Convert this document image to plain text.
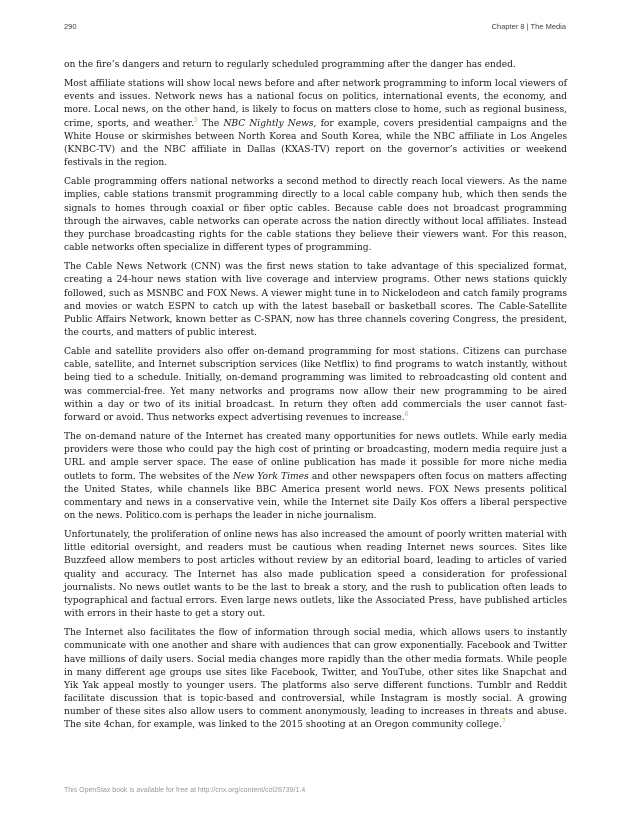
290	Chapter 8 | The Media

on the fire’s dangers and return to regularly scheduled programming after the danger has ended.

Most affiliate stations will show local news before and after network programming to inform local viewers of events and issues. Network news has a national focus on politics, international events, the economy, and more. Local news, on the other hand, is likely to focus on matters close to home, such as regional business, crime, sports, and weather.$^5$ The NBC Nightly News, for example, covers presidential campaigns and the White House or skirmishes between North Korea and South Korea, while the NBC affiliate in Los Angeles (KNBC-TV) and the NBC affiliate in Dallas (KXAS-TV) report on the governor’s activities or weekend festivals in the region.

Cable programming offers national networks a second method to directly reach local viewers. As the name implies, cable stations transmit programming directly to a local cable company hub, which then sends the signals to homes through coaxial or fiber optic cables. Because cable does not broadcast programming through the airwaves, cable networks can operate across the nation directly without local affiliates. Instead they purchase broadcasting rights for the cable stations they believe their viewers want. For this reason, cable networks often specialize in different types of programming.

The Cable News Network (CNN) was the first news station to take advantage of this specialized format, creating a 24-hour news station with live coverage and interview programs. Other news stations quickly followed, such as MSNBC and FOX News. A viewer might tune in to Nickelodeon and catch family programs and movies or watch ESPN to catch up with the latest baseball or basketball scores. The Cable-Satellite Public Affairs Network, known better as C-SPAN, now has three channels covering Congress, the president, the courts, and matters of public interest.

Cable and satellite providers also offer on-demand programming for most stations. Citizens can purchase cable, satellite, and Internet subscription services (like Netflix) to find programs to watch instantly, without being tied to a schedule. Initially, on-demand programming was limited to rebroadcasting old content and was commercial-free. Yet many networks and programs now allow their new programming to be aired within a day or two of its initial broadcast. In return they often add commercials the user cannot fast-forward or avoid. Thus networks expect advertising revenues to increase.$^6$

The on-demand nature of the Internet has created many opportunities for news outlets. While early media providers were those who could pay the high cost of printing or broadcasting, modern media require just a URL and ample server space. The ease of online publication has made it possible for more niche media outlets to form. The websites of the New York Times and other newspapers often focus on matters affecting the United States, while channels like BBC America present world news. FOX News presents political commentary and news in a conservative vein, while the Internet site Daily Kos offers a liberal perspective on the news. Politico.com is perhaps the leader in niche journalism.

Unfortunately, the proliferation of online news has also increased the amount of poorly written material with little editorial oversight, and readers must be cautious when reading Internet news sources. Sites like Buzzfeed allow members to post articles without review by an editorial board, leading to articles of varied quality and accuracy. The Internet has also made publication speed a consideration for professional journalists. No news outlet wants to be the last to break a story, and the rush to publication often leads to typographical and factual errors. Even large news outlets, like the Associated Press, have published articles with errors in their haste to get a story out.

The Internet also facilitates the flow of information through social media, which allows users to instantly communicate with one another and share with audiences that can grow exponentially. Facebook and Twitter have millions of daily users. Social media changes more rapidly than the other media formats. While people in many different age groups use sites like Facebook, Twitter, and YouTube, other sites like Snapchat and Yik Yak appeal mostly to younger users. The platforms also serve different functions. Tumblr and Reddit facilitate discussion that is topic-based and controversial, while Instagram is mostly social. A growing number of these sites also allow users to comment anonymously, leading to increases in threats and abuse. The site 4chan, for example, was linked to the 2015 shooting at an Oregon community college.$^7$

This OpenStax book is available for free at http://cnx.org/content/col26739/1.4
